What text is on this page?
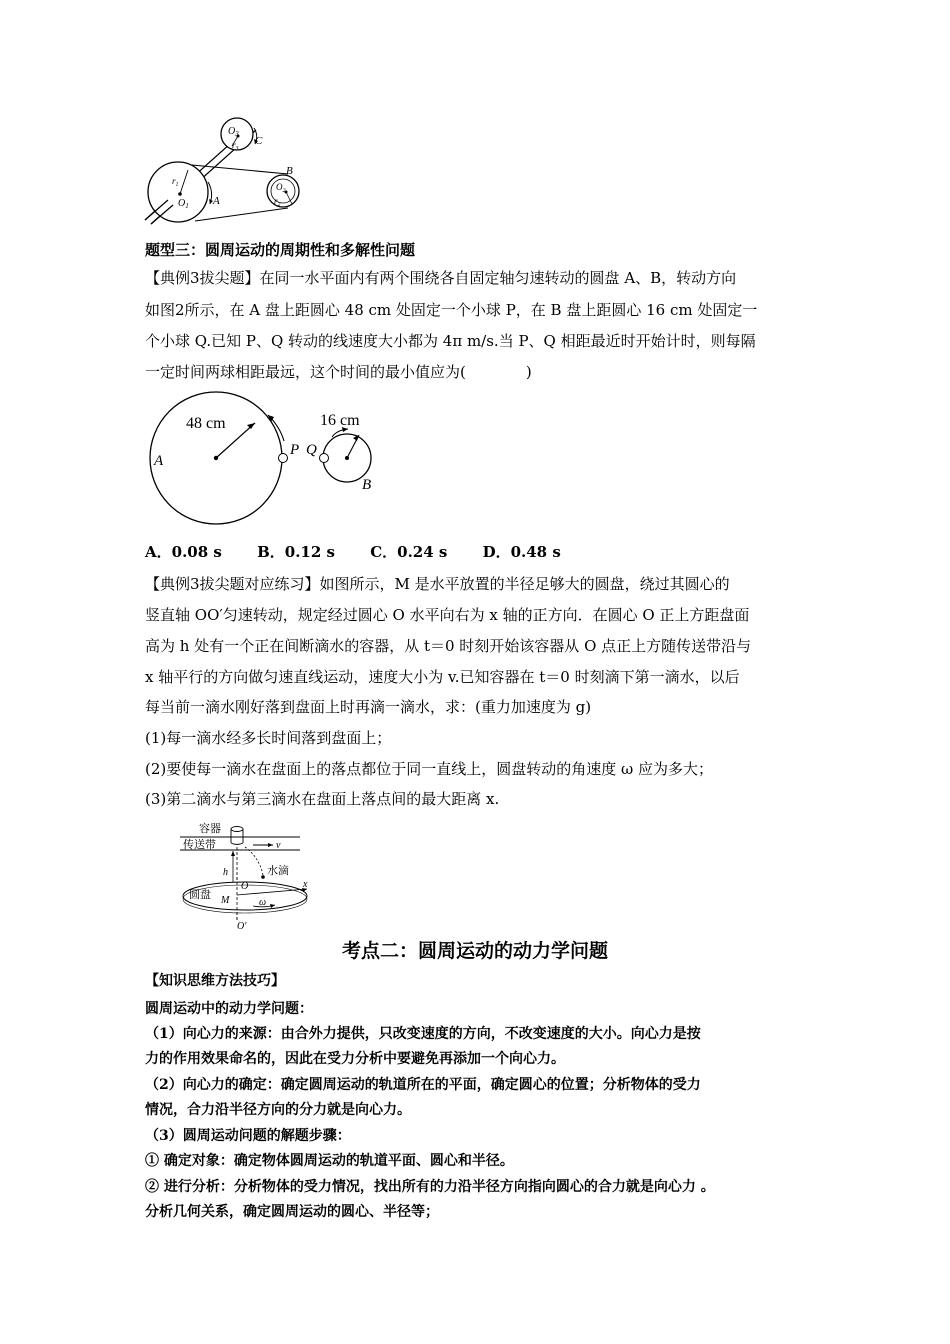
$O_3$
$r_3$
C
$r_1$
$O_1$ A
B
$O_2$
$r_2$
题型三：圆周运动的周期性和多解性问题
【典例3拔尖题】在同一水平面内有两个围绕各自固定轴匀速转动的圆盘 A、B，转动方向
如图2所示，在 A 盘上距圆心 48 cm 处固定一个小球 P，在 B 盘上距圆心 16 cm 处固定一
个小球 Q.已知 P、Q 转动的线速度大小都为 4π m/s.当 P、Q 相距最近时开始计时，则每隔
一定时间两球相距最远，这个时间的最小值应为(　　　　)
48 cm
A
P Q
16 cm
B
A．0.08 s B．0.12 s C．0.24 s D．0.48 s
【典例3拔尖题对应练习】如图所示，M 是水平放置的半径足够大的圆盘，绕过其圆心的
竖直轴 OO′匀速转动，规定经过圆心 O 水平向右为 x 轴的正方向．在圆心 O 正上方距盘面
高为 h 处有一个正在间断滴水的容器，从 t＝0 时刻开始该容器从 O 点正上方随传送带沿与
x 轴平行的方向做匀速直线运动，速度大小为 v.已知容器在 t＝0 时刻滴下第一滴水，以后
每当前一滴水刚好落到盘面上时再滴一滴水，求：(重力加速度为 g)
(1)每一滴水经多长时间落到盘面上；
(2)要使每一滴水在盘面上的落点都位于同一直线上，圆盘转动的角速度 ω 应为多大；
(3)第二滴水与第三滴水在盘面上落点间的最大距离 x.
容器
传送带	v
h	水滴
O	x
圆盘 M	ω
O′
考点二：圆周运动的动力学问题
【知识思维方法技巧】
圆周运动中的动力学问题：
（1）向心力的来源：由合外力提供，只改变速度的方向，不改变速度的大小。向心力是按
力的作用效果命名的，因此在受力分析中要避免再添加一个向心力。
（2）向心力的确定：确定圆周运动的轨道所在的平面，确定圆心的位置；分析物体的受力
情况，合力沿半径方向的分力就是向心力。
（3）圆周运动问题的解题步骤：
① 确定对象：确定物体圆周运动的轨道平面、圆心和半径。
② 进行分析：分析物体的受力情况，找出所有的力沿半径方向指向圆心的合力就是向心力 。
分析几何关系，确定圆周运动的圆心、半径等；
